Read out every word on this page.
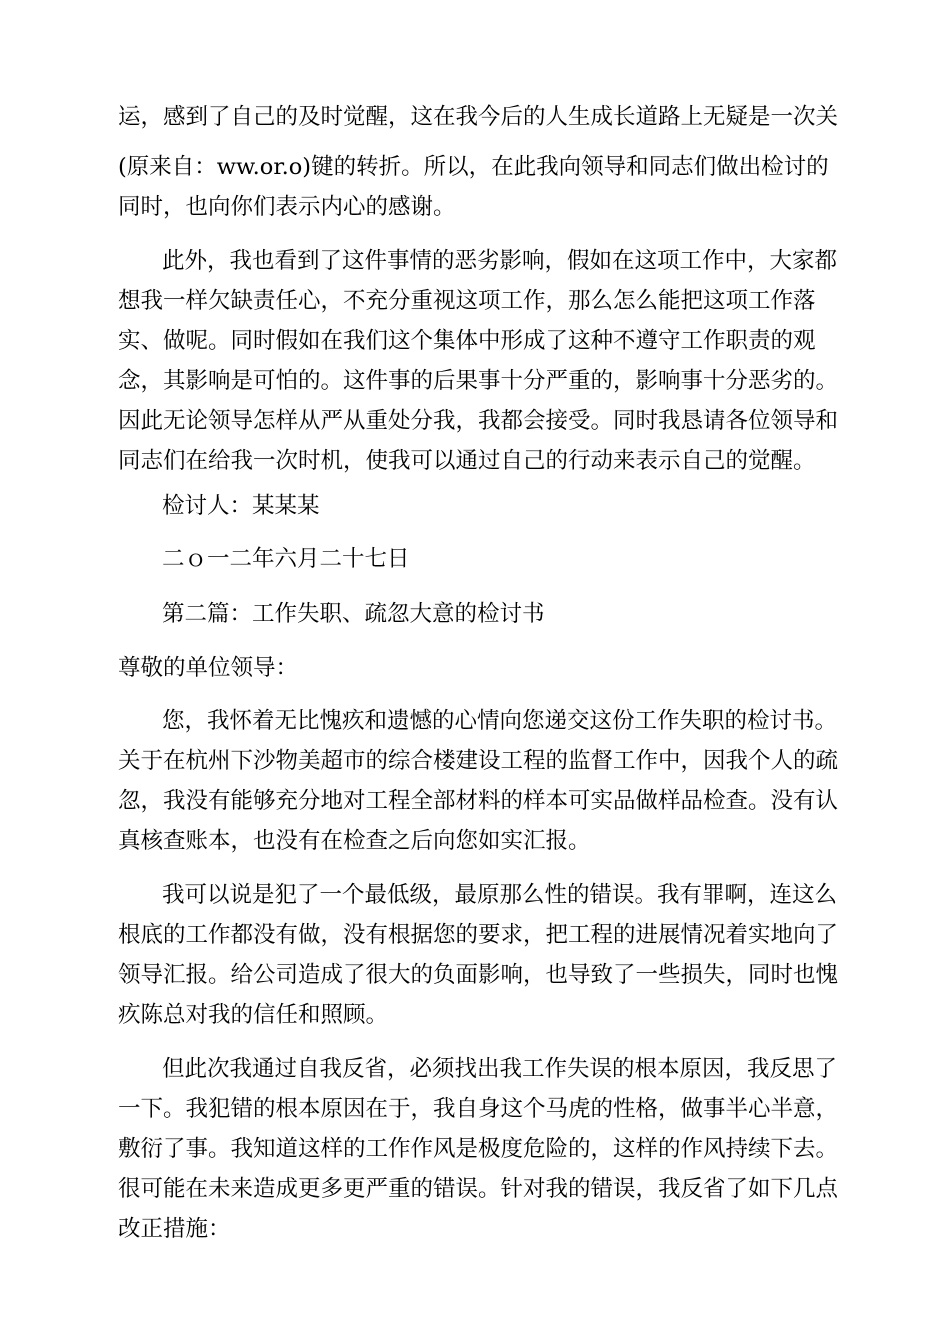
运，感到了自己的及时觉醒，这在我今后的人生成长道路上无疑是一次关
(原来自：ww.or.o)键的转折。所以，在此我向领导和同志们做出检讨的
同时，也向你们表示内心的感谢。
此外，我也看到了这件事情的恶劣影响，假如在这项工作中，大家都
想我一样欠缺责任心，不充分重视这项工作，那么怎么能把这项工作落
实、做呢。同时假如在我们这个集体中形成了这种不遵守工作职责的观
念，其影响是可怕的。这件事的后果事十分严重的，影响事十分恶劣的。
因此无论领导怎样从严从重处分我，我都会接受。同时我恳请各位领导和
同志们在给我一次时机，使我可以通过自己的行动来表示自己的觉醒。
检讨人：某某某
二ｏ一二年六月二十七日
第二篇：工作失职、疏忽大意的检讨书
尊敬的单位领导：
您，我怀着无比愧疚和遗憾的心情向您递交这份工作失职的检讨书。
关于在杭州下沙物美超市的综合楼建设工程的监督工作中，因我个人的疏
忽，我没有能够充分地对工程全部材料的样本可实品做样品检查。没有认
真核查账本，也没有在检查之后向您如实汇报。
我可以说是犯了一个最低级，最原那么性的错误。我有罪啊，连这么
根底的工作都没有做，没有根据您的要求，把工程的进展情况着实地向了
领导汇报。给公司造成了很大的负面影响，也导致了一些损失，同时也愧
疚陈总对我的信任和照顾。
但此次我通过自我反省，必须找出我工作失误的根本原因，我反思了
一下。我犯错的根本原因在于，我自身这个马虎的性格，做事半心半意，
敷衍了事。我知道这样的工作作风是极度危险的，这样的作风持续下去。
很可能在未来造成更多更严重的错误。针对我的错误，我反省了如下几点
改正措施：
